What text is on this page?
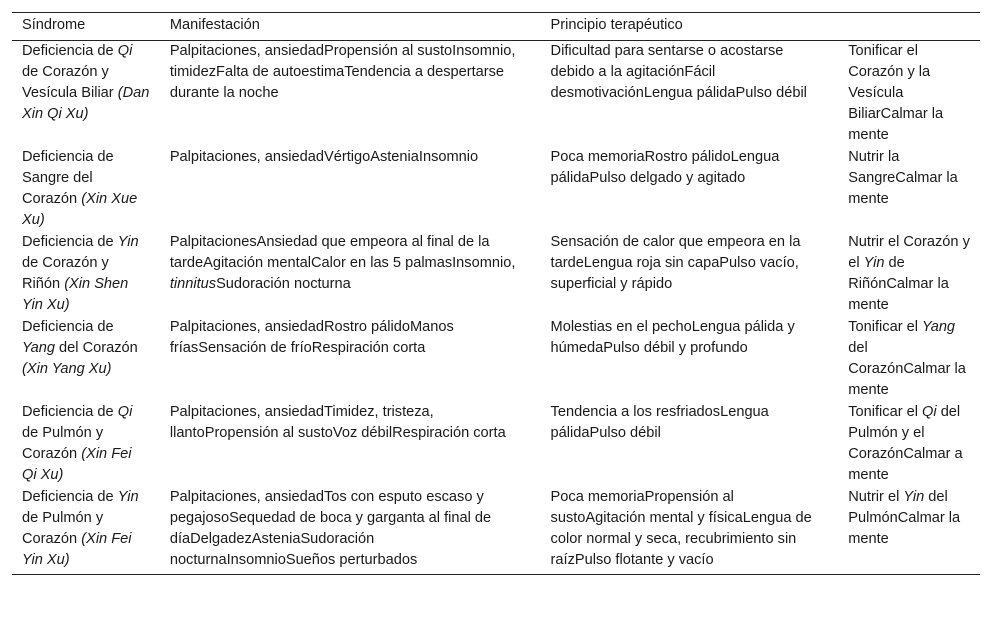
Síndrome	Manifestación	Principio terapéutico	
Deficiencia de Qi de Corazón y Vesícula Biliar (Dan Xin Qi Xu)	Palpitaciones, ansiedadPropensión al sustoInsomnio, timidezFalta de autoestimaTendencia a despertarse durante la noche	Dificultad para sentarse o acostarse debido a la agitaciónFácil desmotivaciónLengua pálidaPulso débil	Tonificar el Corazón y la Vesícula BiliarCalmar la mente
Deficiencia de Sangre del Corazón (Xin Xue Xu)	Palpitaciones, ansiedadVértigoAsteniaInsomnio	Poca memoriaRostro pálidoLengua pálidaPulso delgado y agitado	Nutrir la SangreCalmar la mente
Deficiencia de Yin de Corazón y Riñón (Xin Shen Yin Xu)	PalpitacionesAnsiedad que empeora al final de la tardeAgitación mentalCalor en las 5 palmasInsomnio, tinnitusSudoración nocturna	Sensación de calor que empeora en la tardeLengua roja sin capaPulso vacío, superficial y rápido	Nutrir el Corazón y el Yin de RiñónCalmar la mente
Deficiencia de Yang del Corazón (Xin Yang Xu)	Palpitaciones, ansiedadRostro pálidoManos fríasSensación de fríoRespiración corta	Molestias en el pechoLengua pálida y húmedaPulso débil y profundo	Tonificar el Yang del CorazónCalmar la mente
Deficiencia de Qi de Pulmón y Corazón (Xin Fei Qi Xu)	Palpitaciones, ansiedadTimidez, tristeza, llantoPropensión al sustoVoz débilRespiración corta	Tendencia a los resfriadosLengua pálidaPulso débil	Tonificar el Qi del Pulmón y el CorazónCalmar a mente
Deficiencia de Yin de Pulmón y Corazón (Xin Fei Yin Xu)	Palpitaciones, ansiedadTos con esputo escaso y pegajosoSequedad de boca y garganta al final de díaDelgadezAsteniaSudoración nocturnaInsomnioSueños perturbados	Poca memoriaPropensión al sustoAgitación mental y físicaLengua de color normal y seca, recubrimiento sin raízPulso flotante y vacío	Nutrir el Yin del PulmónCalmar la mente
